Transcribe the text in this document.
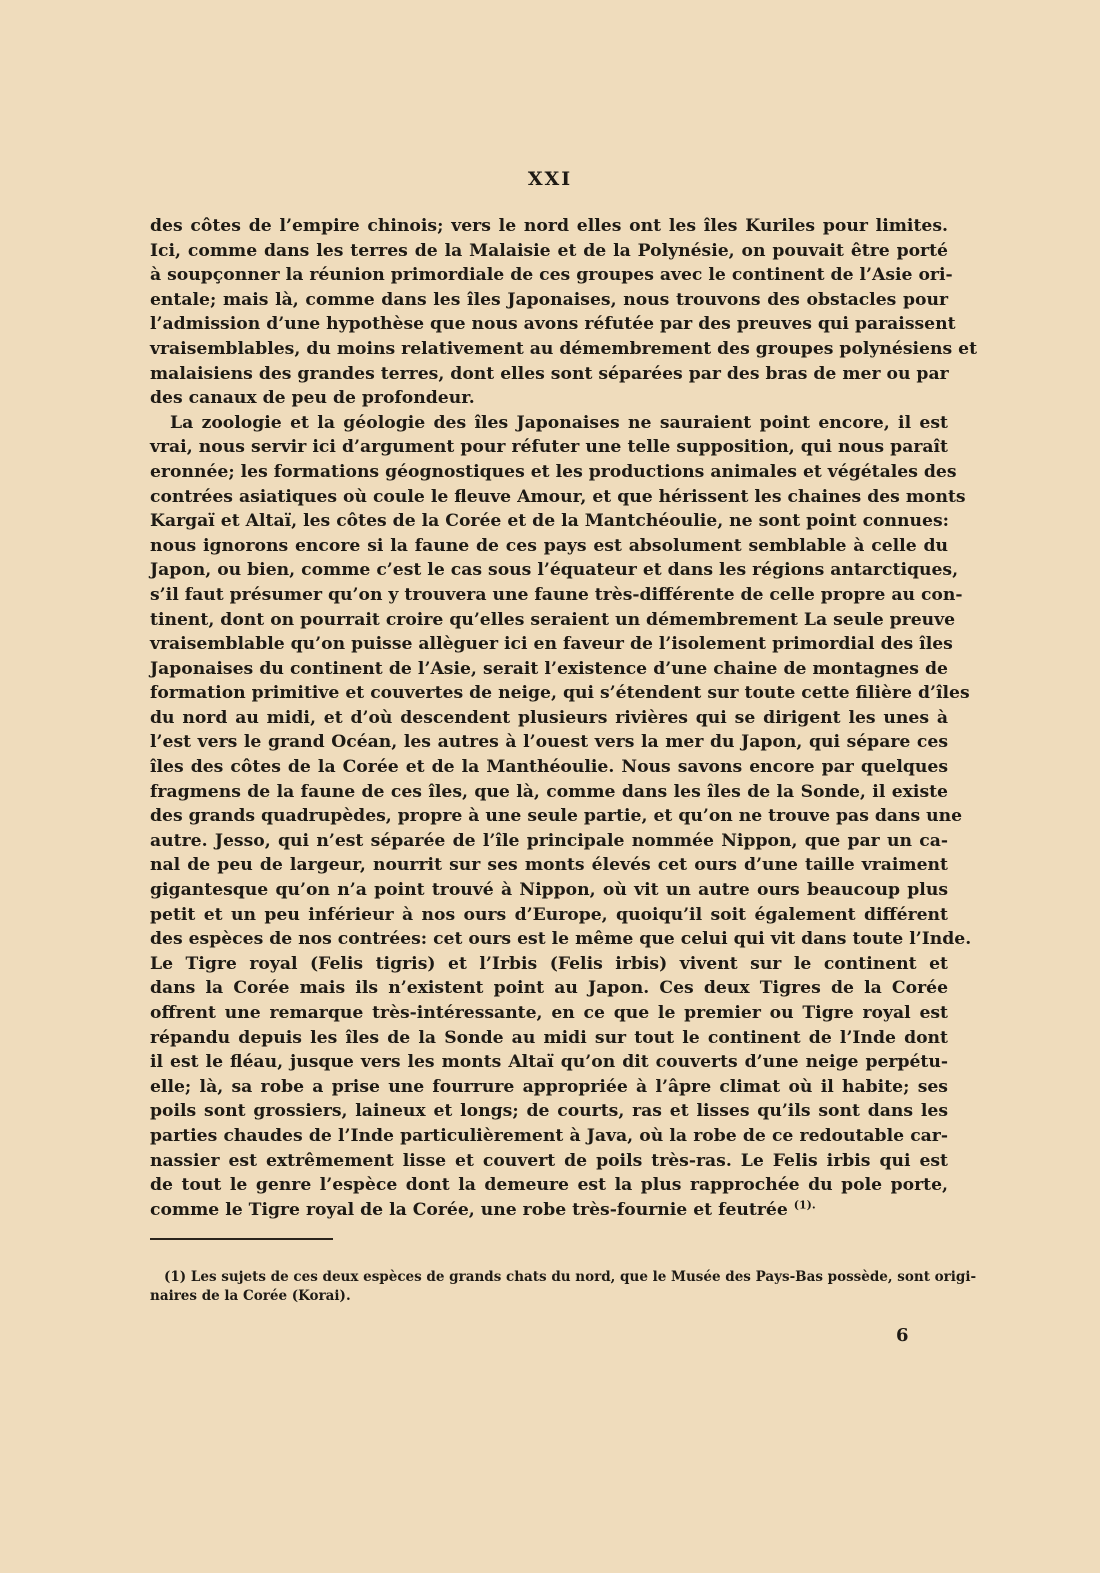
XXI
des côtes de l’empire chinois; vers le nord elles ont les îles Kuriles pour limites.
Ici, comme dans les terres de la Malaisie et de la Polynésie, on pouvait être porté
à soupçonner la réunion primordiale de ces groupes avec le continent de l’Asie ori-
entale; mais là, comme dans les îles Japonaises, nous trouvons des obstacles pour
l’admission d’une hypothèse que nous avons réfutée par des preuves qui paraissent
vraisemblables, du moins relativement au démembrement des groupes polynésiens et
malaisiens des grandes terres, dont elles sont séparées par des bras de mer ou par
des canaux de peu de profondeur.
La zoologie et la géologie des îles Japonaises ne sauraient point encore, il est
vrai, nous servir ici d’argument pour réfuter une telle supposition, qui nous paraît
eronnée; les formations géognostiques et les productions animales et végétales des
contrées asiatiques où coule le fleuve Amour, et que hérissent les chaines des monts
Kargaï et Altaï, les côtes de la Corée et de la Mantchéoulie, ne sont point connues:
nous ignorons encore si la faune de ces pays est absolument semblable à celle du
Japon, ou bien, comme c’est le cas sous l’équateur et dans les régions antarctiques,
s’il faut présumer qu’on y trouvera une faune très-différente de celle propre au con-
tinent, dont on pourrait croire qu’elles seraient un démembrement La seule preuve
vraisemblable qu’on puisse allèguer ici en faveur de l’isolement primordial des îles
Japonaises du continent de l’Asie, serait l’existence d’une chaine de montagnes de
formation primitive et couvertes de neige, qui s’étendent sur toute cette filière d’îles
du nord au midi, et d’où descendent plusieurs rivières qui se dirigent les unes à
l’est vers le grand Océan, les autres à l’ouest vers la mer du Japon, qui sépare ces
îles des côtes de la Corée et de la Manthéoulie. Nous savons encore par quelques
fragmens de la faune de ces îles, que là, comme dans les îles de la Sonde, il existe
des grands quadrupèdes, propre à une seule partie, et qu’on ne trouve pas dans une
autre. Jesso, qui n’est séparée de l’île principale nommée Nippon, que par un ca-
nal de peu de largeur, nourrit sur ses monts élevés cet ours d’une taille vraiment
gigantesque qu’on n’a point trouvé à Nippon, où vit un autre ours beaucoup plus
petit et un peu inférieur à nos ours d’Europe, quoiqu’il soit également différent
des espèces de nos contrées: cet ours est le même que celui qui vit dans toute l’Inde.
Le Tigre royal (Felis tigris) et l’Irbis (Felis irbis) vivent sur le continent et
dans la Corée mais ils n’existent point au Japon. Ces deux Tigres de la Corée
offrent une remarque très-intéressante, en ce que le premier ou Tigre royal est
répandu depuis les îles de la Sonde au midi sur tout le continent de l’Inde dont
il est le fléau, jusque vers les monts Altaï qu’on dit couverts d’une neige perpétu-
elle; là, sa robe a prise une fourrure appropriée à l’âpre climat où il habite; ses
poils sont grossiers, laineux et longs; de courts, ras et lisses qu’ils sont dans les
parties chaudes de l’Inde particulièrement à Java, où la robe de ce redoutable car-
nassier est extrêmement lisse et couvert de poils très-ras. Le Felis irbis qui est
de tout le genre l’espèce dont la demeure est la plus rapprochée du pole porte,
comme le Tigre royal de la Corée, une robe très-fournie et feutrée $^{(1).}$
(1) Les sujets de ces deux espèces de grands chats du nord, que le Musée des Pays-Bas possède, sont origi-
naires de la Corée (Korai).
6
